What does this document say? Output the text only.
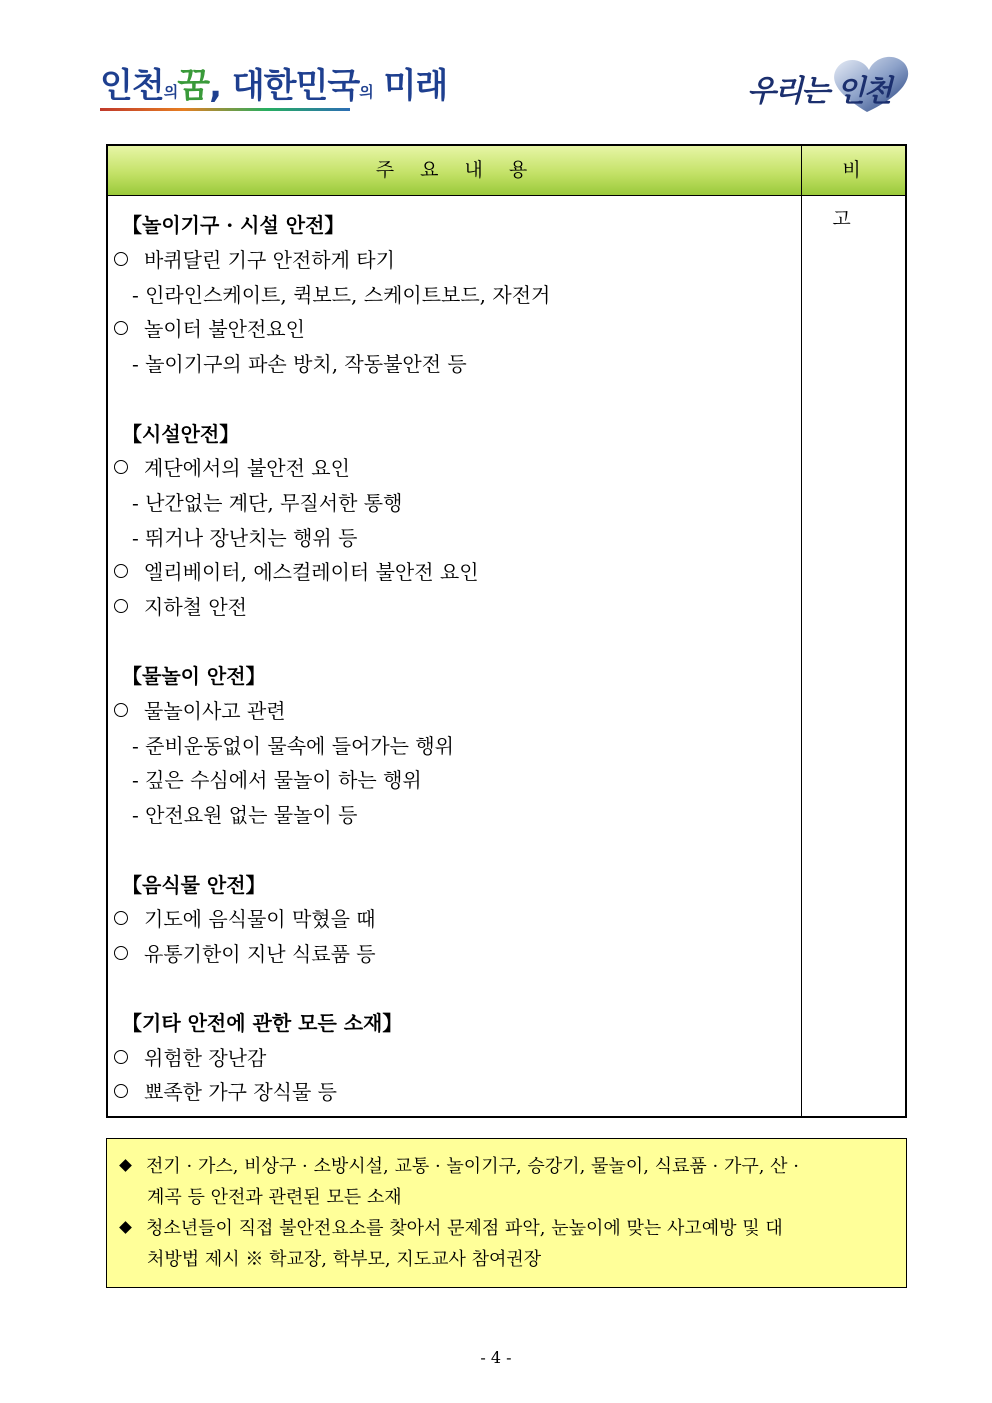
인천의꿈, 대한민국의 미래	우리는 인천
주요내용	비고
【놀이기구 · 시설 안전】
바퀴달린 기구 안전하게 타기
- 인라인스케이트, 퀵보드, 스케이트보드, 자전거
놀이터 불안전요인
- 놀이기구의 파손 방치, 작동불안전 등
【시설안전】
계단에서의 불안전 요인
- 난간없는 계단, 무질서한 통행
- 뛰거나 장난치는 행위 등
엘리베이터, 에스컬레이터 불안전 요인
지하철 안전
【물놀이 안전】
물놀이사고 관련
- 준비운동없이 물속에 들어가는 행위
- 깊은 수심에서 물놀이 하는 행위
- 안전요원 없는 물놀이 등
【음식물 안전】
기도에 음식물이 막혔을 때
유통기한이 지난 식료품 등
【기타 안전에 관한 모든 소재】
위험한 장난감
뾰족한 가구 장식물 등
전기 · 가스, 비상구 · 소방시설, 교통 · 놀이기구, 승강기, 물놀이, 식료품 · 가구, 산 ·
계곡 등 안전과 관련된 모든 소재
청소년들이 직접 불안전요소를 찾아서 문제점 파악, 눈높이에 맞는 사고예방 및 대
처방법 제시 ※ 학교장, 학부모, 지도교사 참여권장
- 4 -
